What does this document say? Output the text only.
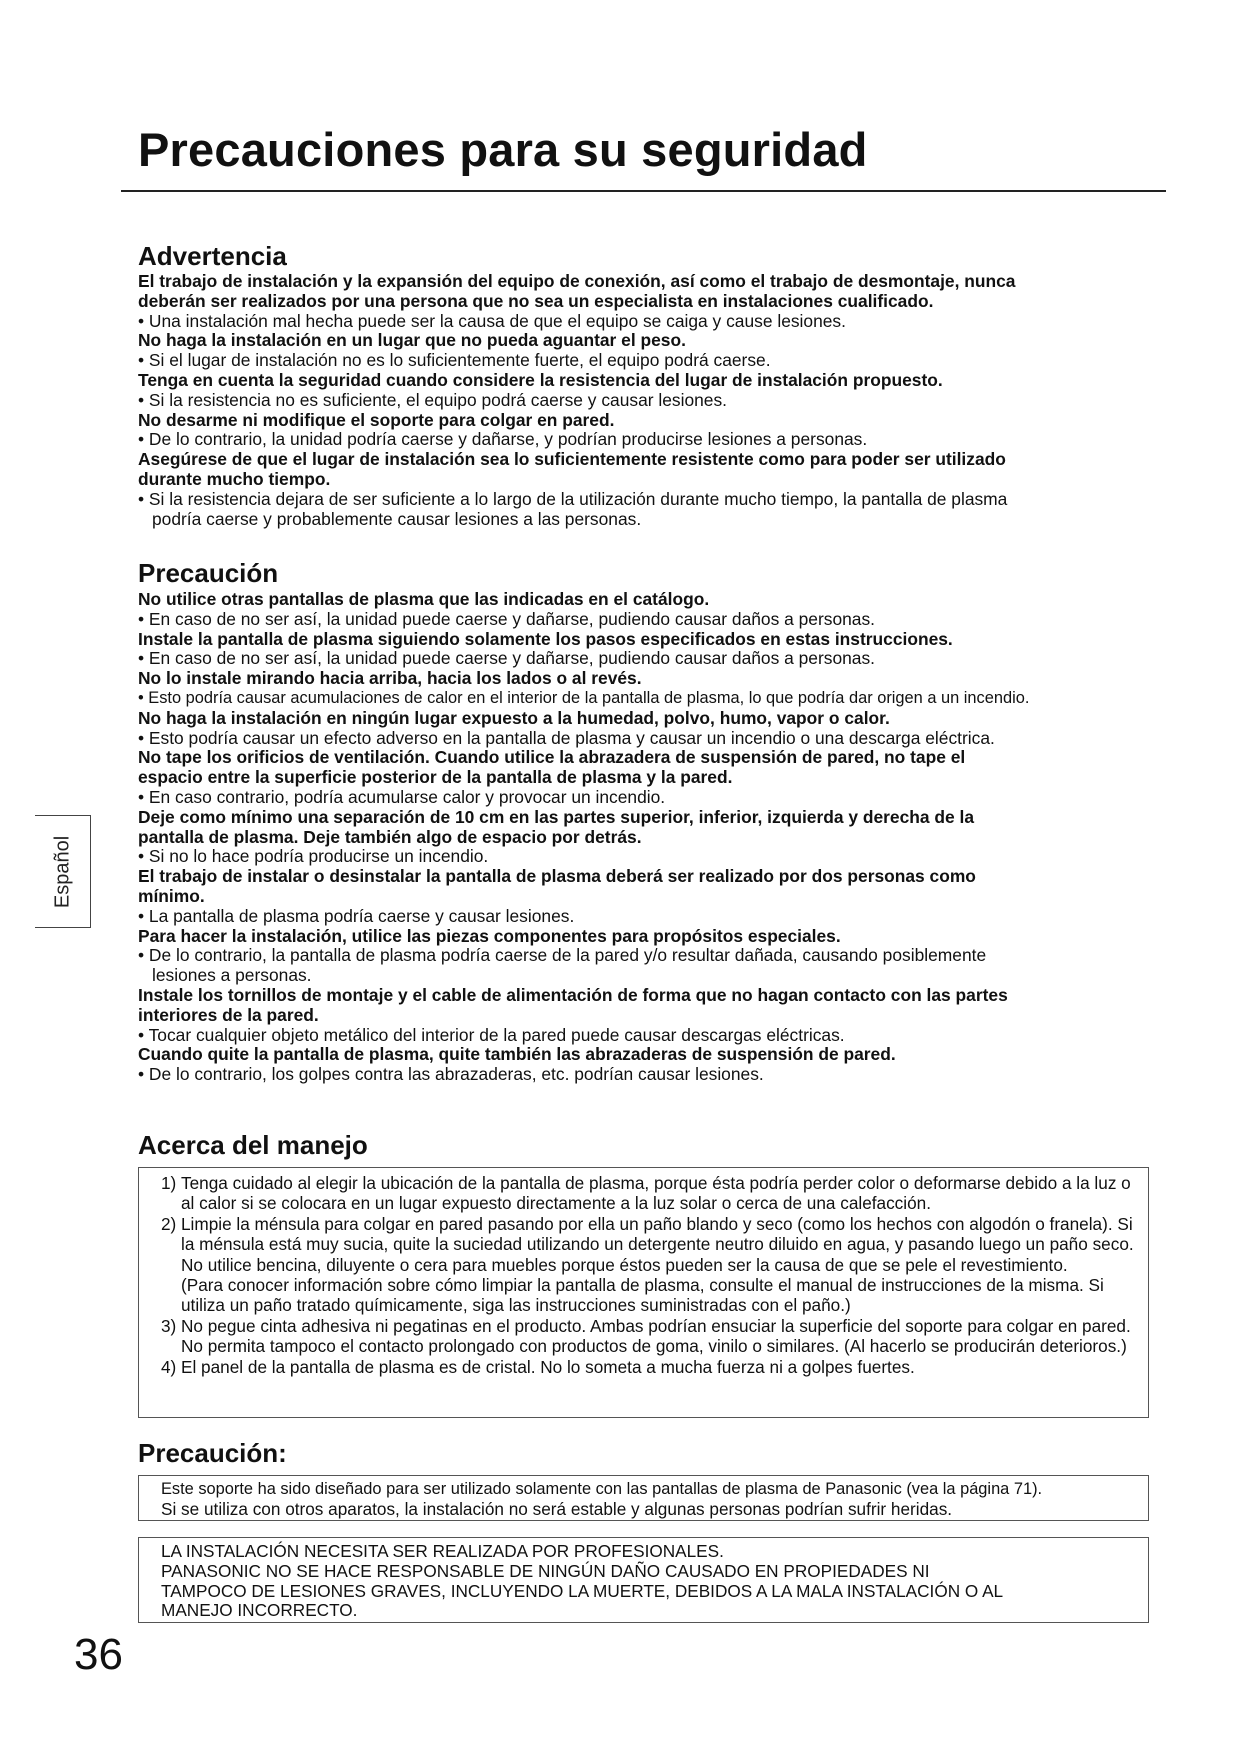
Precauciones para su seguridad
Advertencia

El trabajo de instalación y la expansión del equipo de conexión, así como el trabajo de desmontaje, nunca

deberán ser realizados por una persona que no sea un especialista en instalaciones cualificado.

• Una instalación mal hecha puede ser la causa de que el equipo se caiga y cause lesiones.

No haga la instalación en un lugar que no pueda aguantar el peso.

• Si el lugar de instalación no es lo suficientemente fuerte, el equipo podrá caerse.

Tenga en cuenta la seguridad cuando considere la resistencia del lugar de instalación propuesto.

• Si la resistencia no es suficiente, el equipo podrá caerse y causar lesiones.

No desarme ni modifique el soporte para colgar en pared.

• De lo contrario, la unidad podría caerse y dañarse, y podrían producirse lesiones a personas.

Asegúrese de que el lugar de instalación sea lo suficientemente resistente como para poder ser utilizado

durante mucho tiempo.

• Si la resistencia dejara de ser suficiente a lo largo de la utilización durante mucho tiempo, la pantalla de plasma

podría caerse y probablemente causar lesiones a las personas.

Precaución

No utilice otras pantallas de plasma que las indicadas en el catálogo.

• En caso de no ser así, la unidad puede caerse y dañarse, pudiendo causar daños a personas.

Instale la pantalla de plasma siguiendo solamente los pasos especificados en estas instrucciones.

• En caso de no ser así, la unidad puede caerse y dañarse, pudiendo causar daños a personas.

No lo instale mirando hacia arriba, hacia los lados o al revés.

• Esto podría causar acumulaciones de calor en el interior de la pantalla de plasma, lo que podría dar origen a un incendio.

No haga la instalación en ningún lugar expuesto a la humedad, polvo, humo, vapor o calor.

• Esto podría causar un efecto adverso en la pantalla de plasma y causar un incendio o una descarga eléctrica.

No tape los orificios de ventilación. Cuando utilice la abrazadera de suspensión de pared, no tape el

espacio entre la superficie posterior de la pantalla de plasma y la pared.

• En caso contrario, podría acumularse calor y provocar un incendio.

Deje como mínimo una separación de 10 cm en las partes superior, inferior, izquierda y derecha de la

pantalla de plasma. Deje también algo de espacio por detrás.

• Si no lo hace podría producirse un incendio.

El trabajo de instalar o desinstalar la pantalla de plasma deberá ser realizado por dos personas como

mínimo.

• La pantalla de plasma podría caerse y causar lesiones.

Para hacer la instalación, utilice las piezas componentes para propósitos especiales.

• De lo contrario, la pantalla de plasma podría caerse de la pared y/o resultar dañada, causando posiblemente

lesiones a personas.

Instale los tornillos de montaje y el cable de alimentación de forma que no hagan contacto con las partes

interiores de la pared.

• Tocar cualquier objeto metálico del interior de la pared puede causar descargas eléctricas.

Cuando quite la pantalla de plasma, quite también las abrazaderas de suspensión de pared.

• De lo contrario, los golpes contra las abrazaderas, etc. podrían causar lesiones.

Acerca del manejo
1) Tenga cuidado al elegir la ubicación de la pantalla de plasma, porque ésta podría perder color o deformarse debido a la luz o al calor si se colocara en un lugar expuesto directamente a la luz solar o cerca de una calefacción.
2) Limpie la ménsula para colgar en pared pasando por ella un paño blando y seco (como los hechos con algodón o franela). Si la ménsula está muy sucia, quite la suciedad utilizando un detergente neutro diluido en agua, y pasando luego un paño seco. No utilice bencina, diluyente o cera para muebles porque éstos pueden ser la causa de que se pele el revestimiento.
(Para conocer información sobre cómo limpiar la pantalla de plasma, consulte el manual de instrucciones de la misma. Si utiliza un paño tratado químicamente, siga las instrucciones suministradas con el paño.)
3) No pegue cinta adhesiva ni pegatinas en el producto. Ambas podrían ensuciar la superficie del soporte para colgar en pared. No permita tampoco el contacto prolongado con productos de goma, vinilo o similares. (Al hacerlo se producirán deterioros.)
4) El panel de la pantalla de plasma es de cristal. No lo someta a mucha fuerza ni a golpes fuertes.
Precaución:

Este soporte ha sido diseñado para ser utilizado solamente con las pantallas de plasma de Panasonic (vea la página 71).

Si se utiliza con otros aparatos, la instalación no será estable y algunas personas podrían sufrir heridas.

LA INSTALACIÓN NECESITA SER REALIZADA POR PROFESIONALES.

PANASONIC NO SE HACE RESPONSABLE DE NINGÚN DAÑO CAUSADO EN PROPIEDADES NI

TAMPOCO DE LESIONES GRAVES, INCLUYENDO LA MUERTE, DEBIDOS A LA MALA INSTALACIÓN O AL

MANEJO INCORRECTO.

Español
36
